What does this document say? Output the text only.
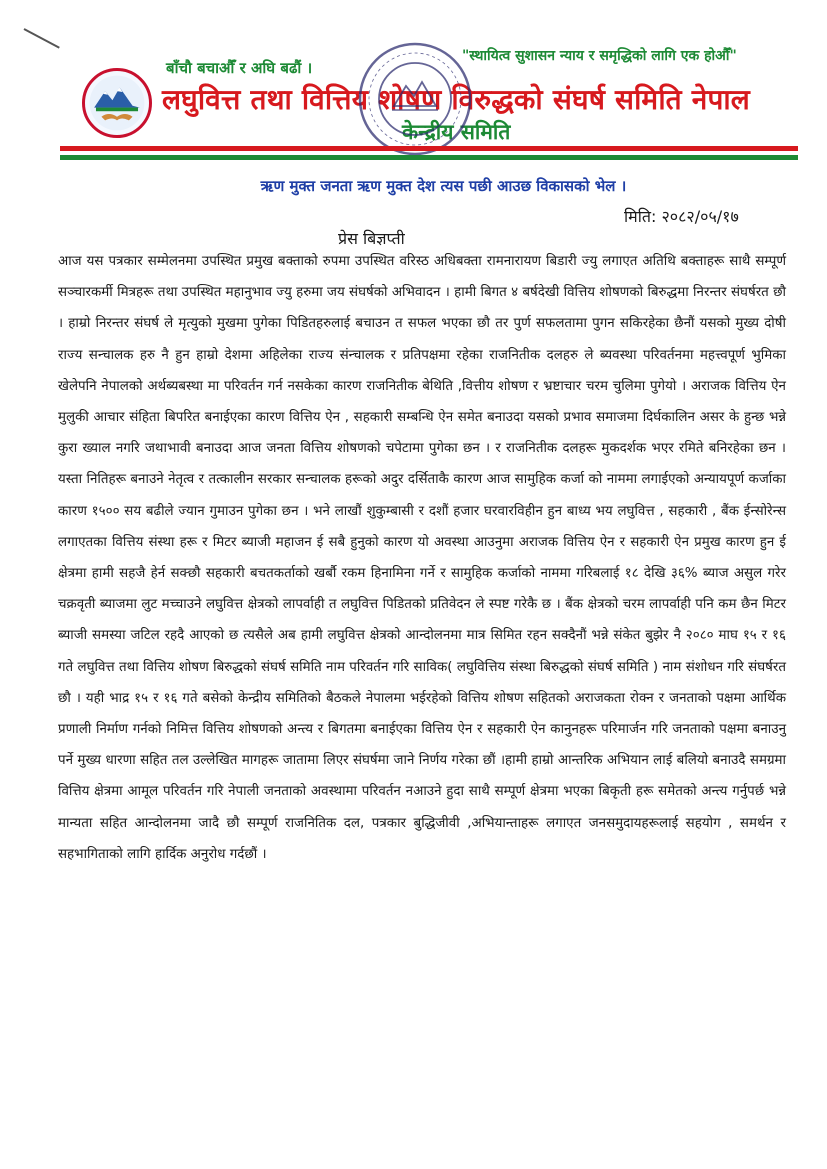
बाँचौ बचाऔँ र अघि बढौं ।
"स्थायित्व सुशासन न्याय र समृद्धिको लागि एक होऔँ"
लघुवित्त तथा वित्तिय शोषण विरुद्धको संघर्ष समिति नेपाल
केन्द्रीय समिति
ऋण मुक्त जनता ऋण मुक्त देश त्यस पछी आउछ विकासको भेल ।
मिति: २०८२/०५/१७
प्रेस बिज्ञप्ती
आज यस पत्रकार सम्मेलनमा उपस्थित प्रमुख बक्ताको रुपमा उपस्थित वरिस्ठ अधिबक्ता रामनारायण बिडारी ज्यु लगाएत अतिथि बक्ताहरू साथै सम्पूर्ण सञ्चारकर्मी मित्रहरू तथा उपस्थित महानुभाव ज्यु हरुमा जय संघर्षको अभिवादन । हामी बिगत ४ बर्षदेखी वित्तिय शोषणको बिरुद्धमा निरन्तर संघर्षरत छौ । हाम्रो निरन्तर संघर्ष ले मृत्युको मुखमा पुगेका पिडितहरुलाई बचाउन त सफल भएका छौ तर पुर्ण सफलतामा पुगन सकिरहेका छैनौं यसको मुख्य दोषी राज्य सन्चालक हरु नै हुन हाम्रो देशमा अहिलेका राज्य संन्चालक र प्रतिपक्षमा रहेका राजनितीक दलहरु ले ब्यवस्था परिवर्तनमा महत्त्वपूर्ण भुमिका खेलेपनि नेपालको अर्थब्यबस्था मा परिवर्तन गर्न नसकेका कारण राजनितीक बेथिति ,वित्तीय शोषण र भ्रष्टाचार चरम चुलिमा पुगेयो । अराजक वित्तिय ऐन मुलुकी आचार संहिता बिपरित बनाईएका कारण वित्तिय ऐन , सहकारी सम्बन्धि ऐन समेत बनाउदा यसको प्रभाव समाजमा दिर्घकालिन असर के हुन्छ भन्ने कुरा ख्याल नगरि जथाभावी बनाउदा आज जनता वित्तिय शोषणको चपेटामा पुगेका छन । र राजनितीक दलहरू मुकदर्शक भएर रमिते बनिरहेका छन । यस्ता नितिहरू बनाउने नेतृत्व र तत्कालीन सरकार सन्चालक हरूको अदुर दर्सिताकै कारण आज सामुहिक कर्जा को नाममा लगाईएको अन्यायपूर्ण कर्जाका कारण १५०० सय बढीले ज्यान गुमाउन पुगेका छन । भने लाखौं शुकुम्बासी र दशौं हजार घरवारविहीन हुन बाध्य भय लघुवित्त , सहकारी , बैंक ईन्सोरेन्स लगाएतका वित्तिय संस्था हरू र मिटर ब्याजी महाजन ई सबै हुनुको कारण यो अवस्था आउनुमा अराजक वित्तिय ऐन र सहकारी ऐन प्रमुख कारण हुन ई क्षेत्रमा हामी सहजै हेर्न सक्छौ सहकारी बचतकर्ताको खर्बौ रकम हिनामिना गर्ने र सामुहिक कर्जाको नाममा गरिबलाई १८ देखि ३६% ब्याज असुल गरेर चक्रवृती ब्याजमा लुट मच्चाउने लघुवित्त क्षेत्रको लापर्वाही त लघुवित्त पिडितको प्रतिवेदन ले स्पष्ट गरेकै छ । बैंक क्षेत्रको चरम लापर्वाही पनि कम छैन मिटर ब्याजी समस्या जटिल रहदै आएको छ त्यसैले अब हामी लघुवित्त क्षेत्रको आन्दोलनमा मात्र सिमित रहन सक्दैनौं भन्ने संकेत बुझेर नै २०८० माघ १५ र १६ गते लघुवित्त तथा वित्तिय शोषण बिरुद्धको संघर्ष समिति नाम परिवर्तन गरि साविक( लघुवित्तिय संस्था बिरुद्धको संघर्ष समिति ) नाम संशोधन गरि संघर्षरत छौ । यही भाद्र १५ र १६ गते बसेको केन्द्रीय समितिको बैठकले नेपालमा भईरहेको वित्तिय शोषण सहितको अराजकता रोक्न र जनताको पक्षमा आर्थिक प्रणाली निर्माण गर्नको निमित्त वित्तिय शोषणको अन्त्य र बिगतमा बनाईएका वित्तिय ऐन र सहकारी ऐन कानुनहरू परिमार्जन गरि जनताको पक्षमा बनाउनु पर्ने मुख्य धारणा सहित तल उल्लेखित मागहरू जातामा लिएर संघर्षमा जाने निर्णय गरेका छौं ।हामी हाम्रो आन्तरिक अभियान लाई बलियो बनाउदै समग्रमा वित्तिय क्षेत्रमा आमूल परिवर्तन गरि नेपाली जनताको अवस्थामा परिवर्तन नआउने हुदा साथै सम्पूर्ण क्षेत्रमा भएका बिकृती हरू समेतको अन्त्य गर्नुपर्छ भन्ने मान्यता सहित आन्दोलनमा जादै छौ सम्पूर्ण राजनितिक दल, पत्रकार बुद्धिजीवी ,अभियान्ताहरू लगाएत जनसमुदायहरूलाई सहयोग , समर्थन र सहभागिताको लागि हार्दिक अनुरोध गर्दछौं ।
